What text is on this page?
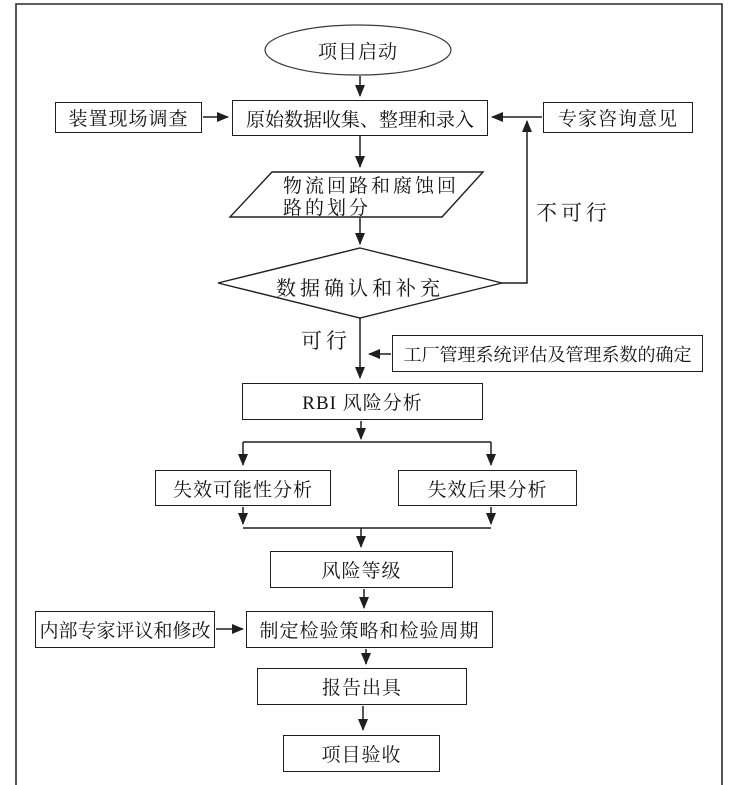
项目启动
装置现场调查	原始数据收集、整理和录入	专家咨询意见
物流回路和腐蚀回路的划分
数据确认和补充
可行
不可行
工厂管理系统评估及管理系数的确定
RBI 风险分析
失效可能性分析	失效后果分析
风险等级
内部专家评议和修改	制定检验策略和检验周期
报告出具
项目验收
